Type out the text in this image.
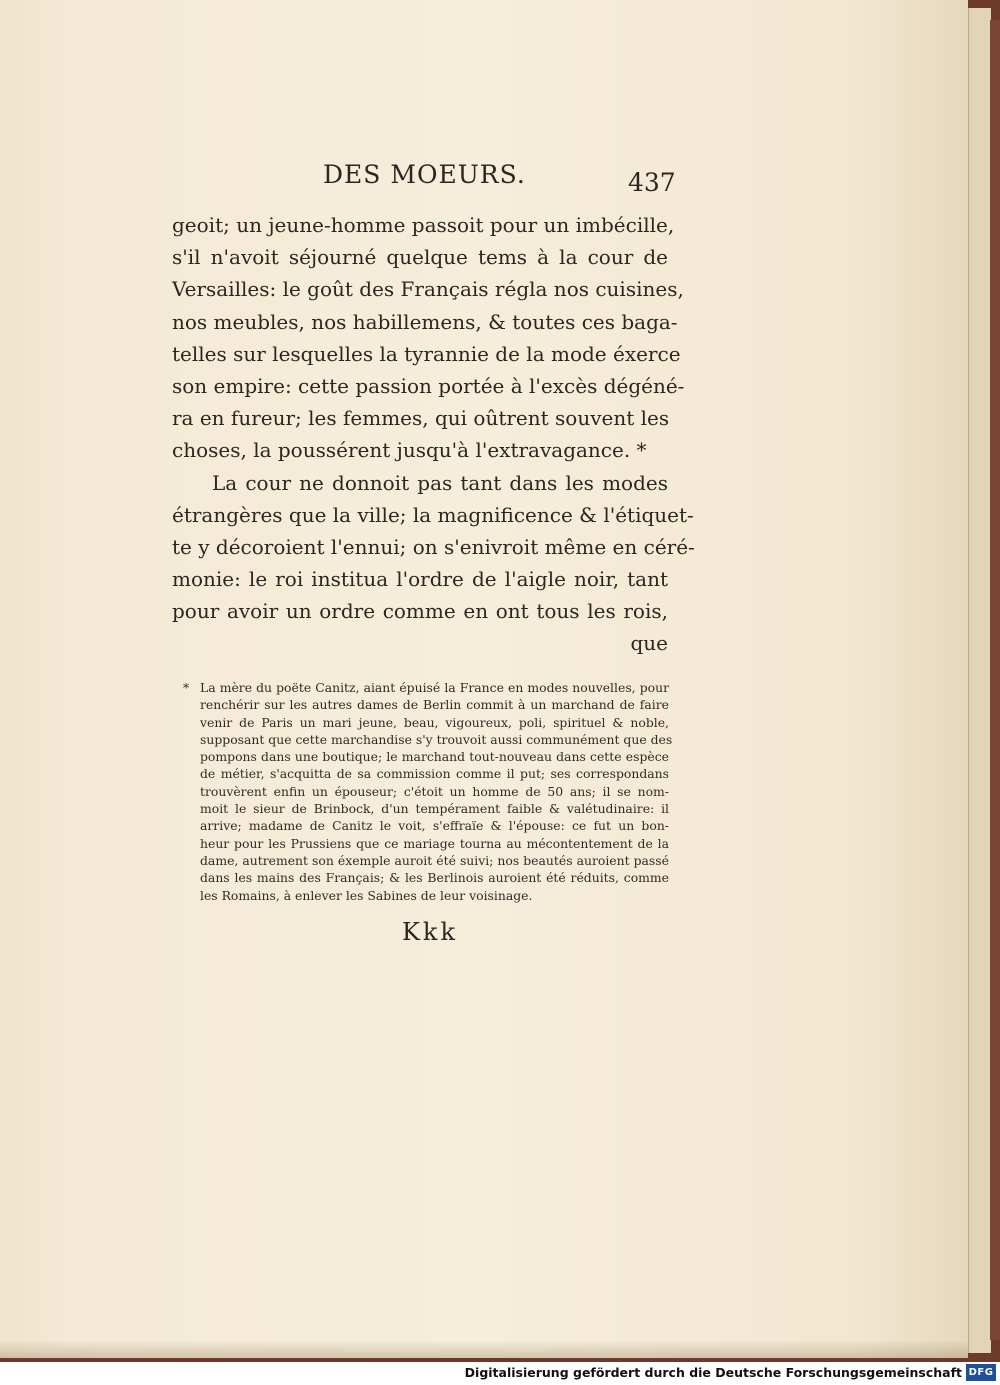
DES MOEURS.	437
geoit; un jeune-homme passoit pour un imbécille,
s'il n'avoit séjourné quelque tems à la cour de
Versailles: le goût des Français régla nos cuisines,
nos meubles, nos habillemens, & toutes ces baga-
telles sur lesquelles la tyrannie de la mode éxerce
son empire: cette passion portée à l'excès dégéné-
ra en fureur; les femmes, qui oûtrent souvent les
choses, la poussérent jusqu'à l'extravagance. *
La cour ne donnoit pas tant dans les modes
étrangères que la ville; la magnificence & l'étiquet-
te y décoroient l'ennui; on s'enivroit même en céré-
monie: le roi institua l'ordre de l'aigle noir, tant
pour avoir un ordre comme en ont tous les rois,
que
* La mère du poëte Canitz, aiant épuisé la France en modes nouvelles, pour
renchérir sur les autres dames de Berlin commit à un marchand de faire
venir de Paris un mari jeune, beau, vigoureux, poli, spirituel & noble,
supposant que cette marchandise s'y trouvoit aussi communément que des
pompons dans une boutique; le marchand tout-nouveau dans cette espèce
de métier, s'acquitta de sa commission comme il put; ses correspondans
trouvèrent enfin un épouseur; c'étoit un homme de 50 ans; il se nom-
moit le sieur de Brinbock, d'un tempérament faible & valétudinaire: il
arrive; madame de Canitz le voit, s'effraïe & l'épouse: ce fut un bon-
heur pour les Prussiens que ce mariage tourna au mécontentement de la
dame, autrement son éxemple auroit été suivi; nos beautés auroient passé
dans les mains des Français; & les Berlinois auroient été réduits, comme
les Romains, à enlever les Sabines de leur voisinage.
Kkk
Digitalisierung gefördert durch die Deutsche Forschungsgemeinschaft DFG
